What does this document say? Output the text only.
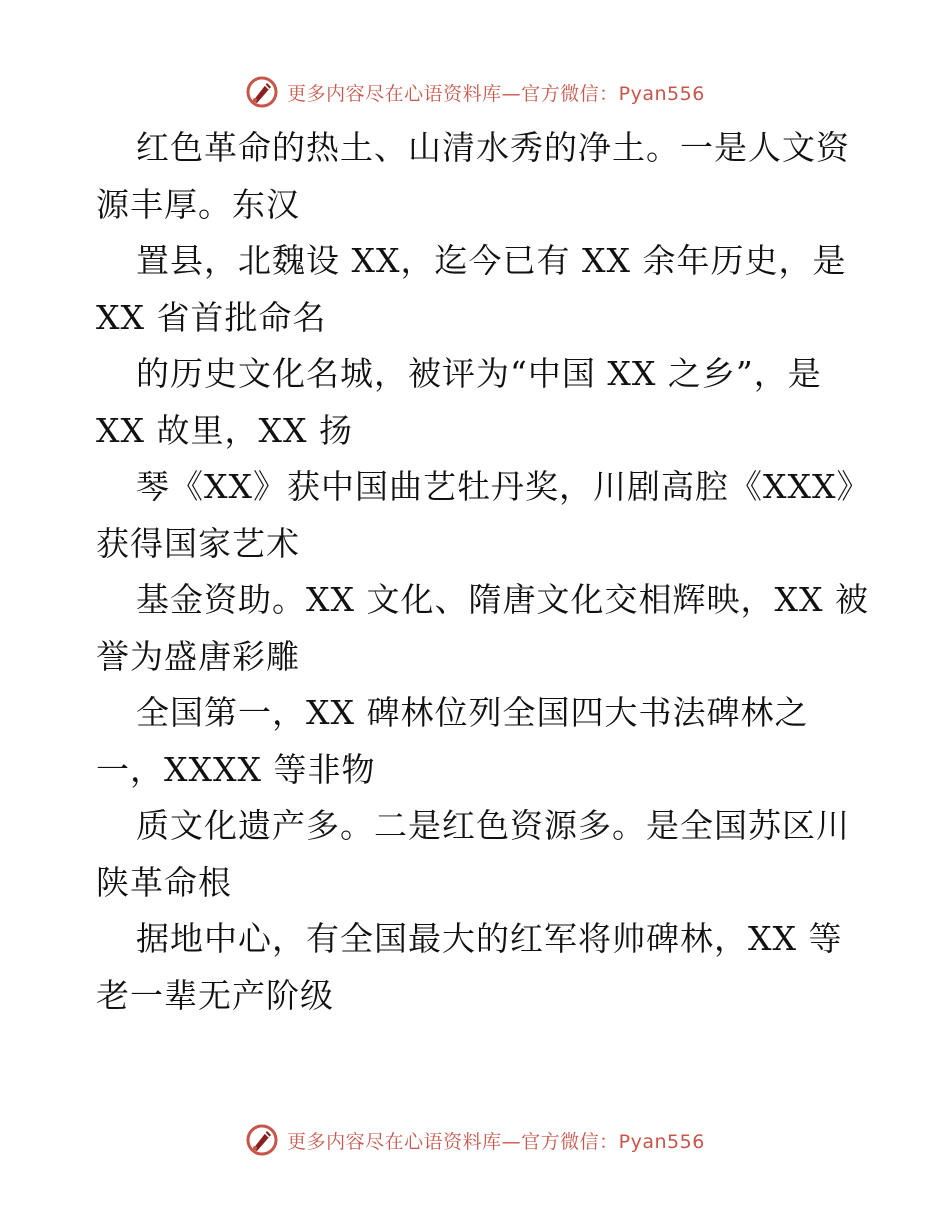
更多内容尽在心语资料库—官方微信：Pyan556

红色革命的热土、山清水秀的净土。一是人文资
源丰厚。东汉

置县，北魏设 XX，迄今已有 XX 余年历史，是
XX 省首批命名

的历史文化名城，被评为“中国 XX 之乡”，是
XX 故里，XX 扬

琴《XX》获中国曲艺牡丹奖，川剧高腔《XXX》
获得国家艺术

基金资助。XX 文化、隋唐文化交相辉映，XX 被
誉为盛唐彩雕

全国第一，XX 碑林位列全国四大书法碑林之
一，XXXX 等非物

质文化遗产多。二是红色资源多。是全国苏区川
陕革命根

据地中心，有全国最大的红军将帅碑林，XX 等
老一辈无产阶级

更多内容尽在心语资料库—官方微信：Pyan556
